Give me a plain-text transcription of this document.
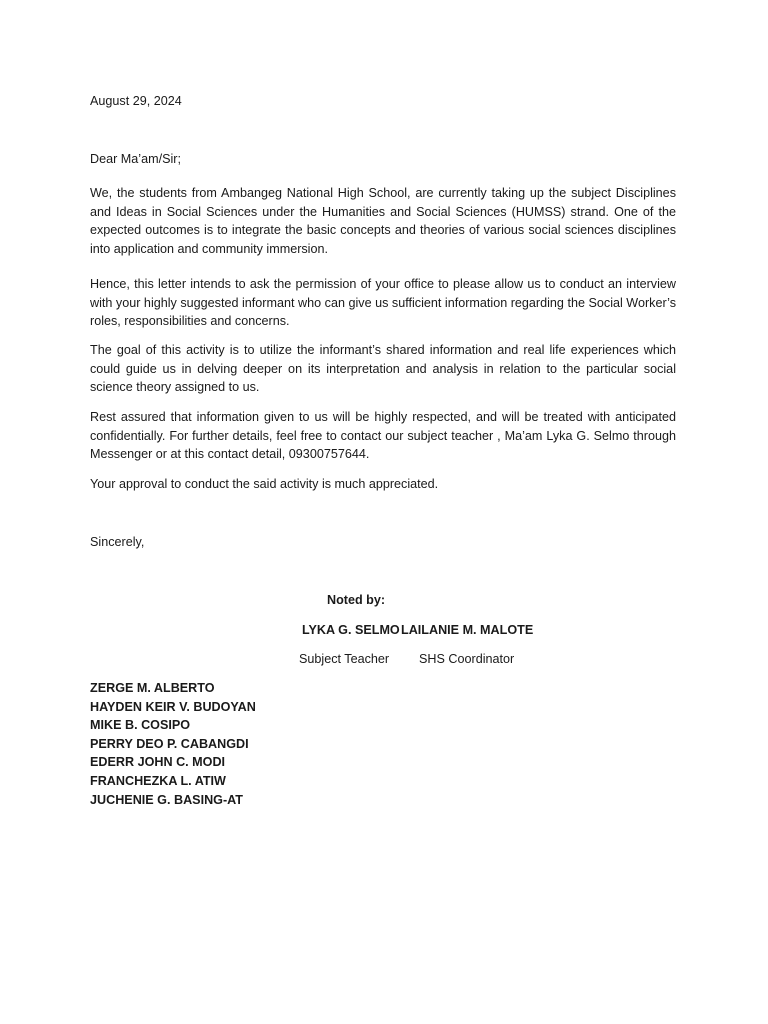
August 29, 2024

Dear Ma’am/Sir;

We, the students from Ambangeg National High School, are currently taking up the subject Disciplines and Ideas in Social Sciences under the Humanities and Social Sciences (HUMSS) strand. One of the expected outcomes is to integrate the basic concepts and theories of various social sciences disciplines into application and community immersion.

Hence, this letter intends to ask the permission of your office to please allow us to conduct an interview with your highly suggested informant who can give us sufficient information regarding the Social Worker’s roles, responsibilities and concerns.

The goal of this activity is to utilize the informant’s shared information and real life experiences which could guide us in delving deeper on its interpretation and analysis in relation to the particular social science theory assigned to us.

Rest assured that information given to us will be highly respected, and will be treated with anticipated confidentially. For further details, feel free to contact our subject teacher , Ma’am Lyka G. Selmo through Messenger or at this contact detail, 09300757644.

Your approval to conduct the said activity is much appreciated.

Sincerely,

Noted by:
LYKA G. SELMO LAILANIE M. MALOTE
Subject Teacher SHS Coordinator
ZERGE M. ALBERTO
HAYDEN KEIR V. BUDOYAN
MIKE B. COSIPO
PERRY DEO P. CABANGDI
EDERR JOHN C. MODI
FRANCHEZKA L. ATIW
JUCHENIE G. BASING-AT
